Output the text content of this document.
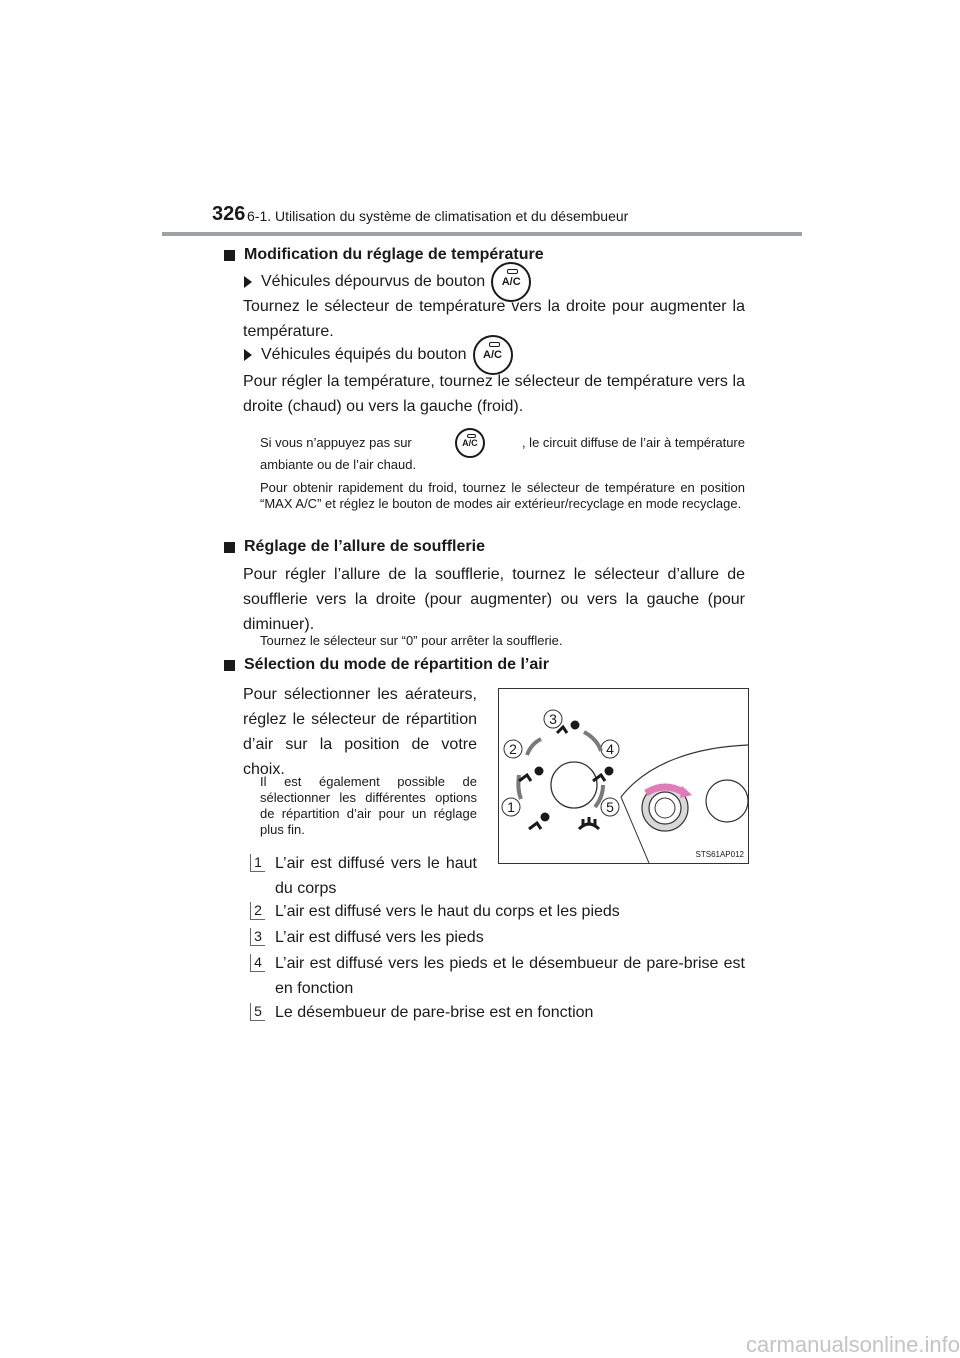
326 6-1. Utilisation du système de climatisation et du désembueur
Modification du réglage de température
Véhicules dépourvus de bouton A/C
Tournez le sélecteur de température vers la droite pour augmenter la température.
Véhicules équipés du bouton A/C
Pour régler la température, tournez le sélecteur de température vers la droite (chaud) ou vers la gauche (froid).
Si vous n’appuyez pas sur	A/C	, le circuit diffuse de l’air à température
ambiante ou de l’air chaud.
Pour obtenir rapidement du froid, tournez le sélecteur de température en position “MAX A/C” et réglez le bouton de modes air extérieur/recyclage en mode recyclage.
Réglage de l’allure de soufflerie
Pour régler l’allure de la soufflerie, tournez le sélecteur d’allure de soufflerie vers la droite (pour augmenter) ou vers la gauche (pour diminuer).
Tournez le sélecteur sur “0” pour arrêter la soufflerie.
Sélection du mode de répartition de l’air
Pour sélectionner les aérateurs, réglez le sélecteur de répartition d’air sur la position de votre choix.
Il est également possible de sélectionner les différentes options de répartition d’air pour un réglage plus fin.
3
2	4
1	5
STS61AP012
1 L’air est diffusé vers le haut du corps
2 L’air est diffusé vers le haut du corps et les pieds
3 L’air est diffusé vers les pieds
4 L’air est diffusé vers les pieds et le désembueur de pare-brise est en fonction
5 Le désembueur de pare-brise est en fonction
carmanualsonline.info
